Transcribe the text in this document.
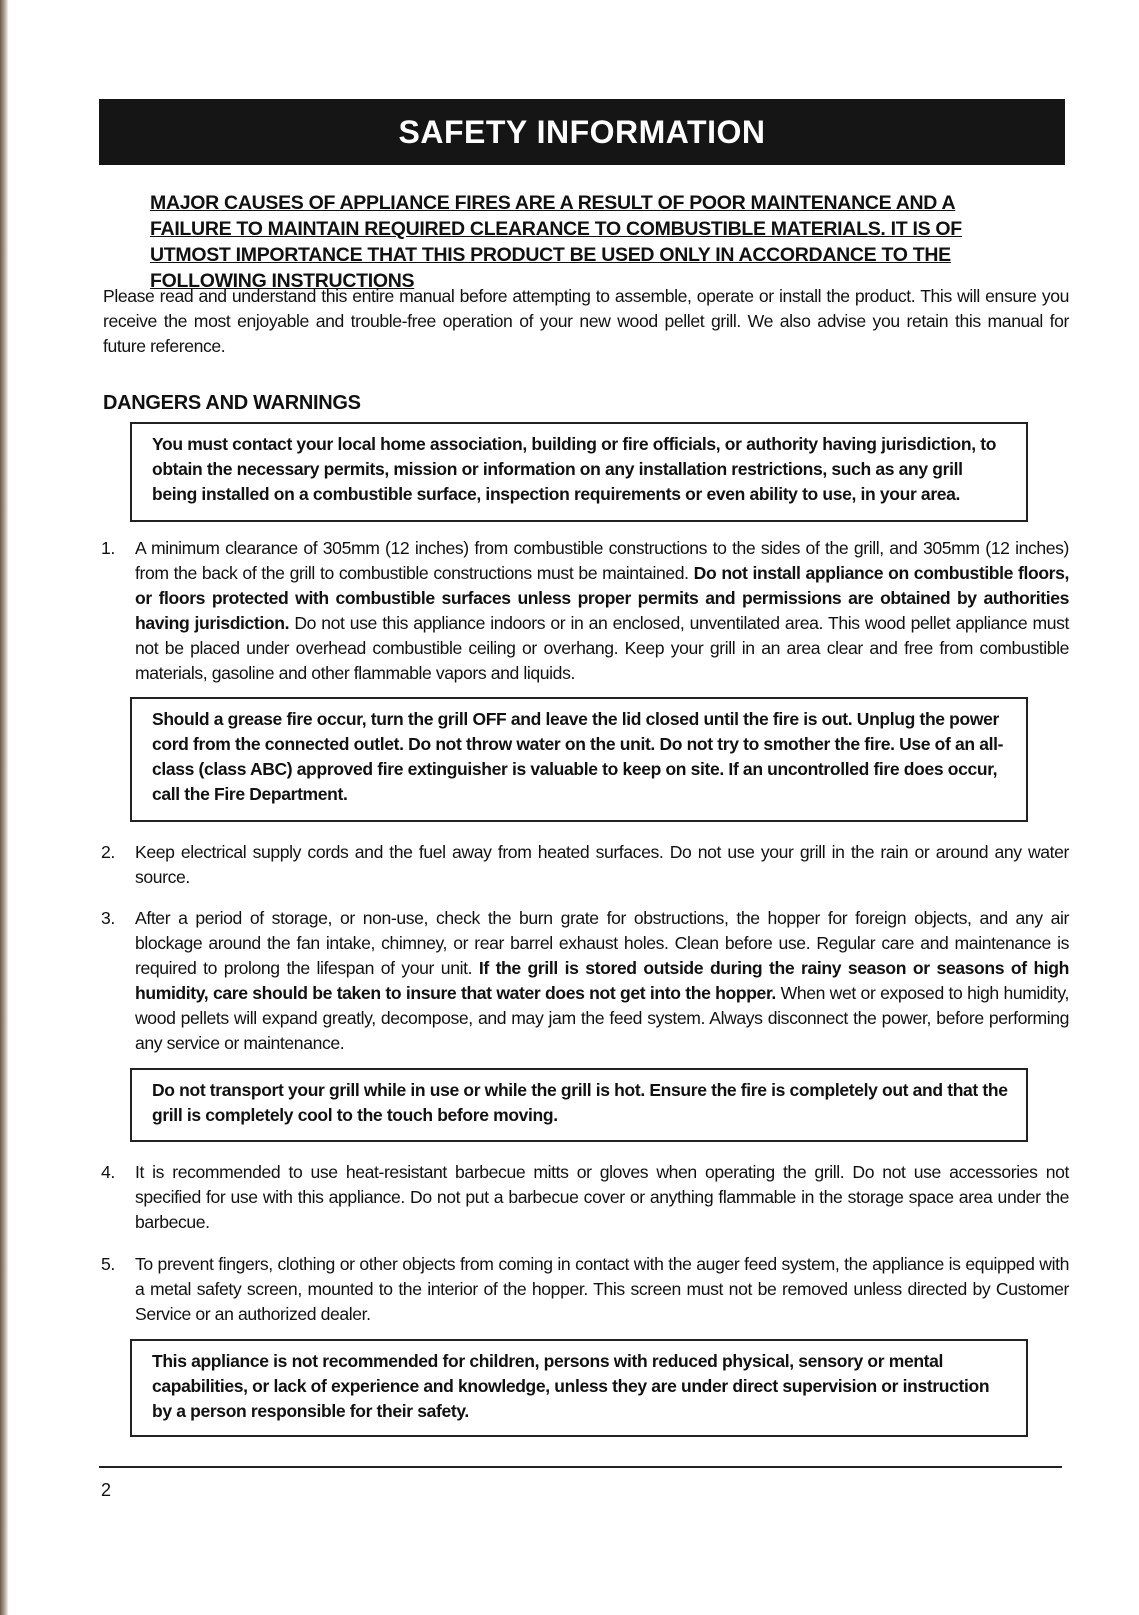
SAFETY INFORMATION
MAJOR CAUSES OF APPLIANCE FIRES ARE A RESULT OF POOR MAINTENANCE AND A FAILURE TO MAINTAIN REQUIRED CLEARANCE TO COMBUSTIBLE MATERIALS. IT IS OF UTMOST IMPORTANCE THAT THIS PRODUCT BE USED ONLY IN ACCORDANCE TO THE FOLLOWING INSTRUCTIONS
Please read and understand this entire manual before attempting to assemble, operate or install the product. This will ensure you receive the most enjoyable and trouble-free operation of your new wood pellet grill. We also advise you retain this manual for future reference.
DANGERS AND WARNINGS
You must contact your local home association, building or fire officials, or authority having jurisdiction, to obtain the necessary permits, mission or information on any installation restrictions, such as any grill being installed on a combustible surface, inspection requirements or even ability to use, in your area.
1.	A minimum clearance of 305mm (12 inches) from combustible constructions to the sides of the grill, and 305mm (12 inches) from the back of the grill to combustible constructions must be maintained. Do not install appliance on combustible floors, or floors protected with combustible surfaces unless proper permits and permissions are obtained by authorities having jurisdiction. Do not use this appliance indoors or in an enclosed, unventilated area. This wood pellet appliance must not be placed under overhead combustible ceiling or overhang. Keep your grill in an area clear and free from combustible materials, gasoline and other flammable vapors and liquids.
Should a grease fire occur, turn the grill OFF and leave the lid closed until the fire is out. Unplug the power cord from the connected outlet. Do not throw water on the unit. Do not try to smother the fire. Use of an all-class (class ABC) approved fire extinguisher is valuable to keep on site. If an uncontrolled fire does occur, call the Fire Department.
2.	Keep electrical supply cords and the fuel away from heated surfaces. Do not use your grill in the rain or around any water source.
3.	After a period of storage, or non-use, check the burn grate for obstructions, the hopper for foreign objects, and any air blockage around the fan intake, chimney, or rear barrel exhaust holes. Clean before use. Regular care and maintenance is required to prolong the lifespan of your unit. If the grill is stored outside during the rainy season or seasons of high humidity, care should be taken to insure that water does not get into the hopper. When wet or exposed to high humidity, wood pellets will expand greatly, decompose, and may jam the feed system. Always disconnect the power, before performing any service or maintenance.
Do not transport your grill while in use or while the grill is hot. Ensure the fire is completely out and that the grill is completely cool to the touch before moving.
4.	It is recommended to use heat-resistant barbecue mitts or gloves when operating the grill. Do not use accessories not specified for use with this appliance. Do not put a barbecue cover or anything flammable in the storage space area under the barbecue.
5.	To prevent fingers, clothing or other objects from coming in contact with the auger feed system, the appliance is equipped with a metal safety screen, mounted to the interior of the hopper. This screen must not be removed unless directed by Customer Service or an authorized dealer.
This appliance is not recommended for children, persons with reduced physical, sensory or mental capabilities, or lack of experience and knowledge, unless they are under direct supervision or instruction by a person responsible for their safety.
2
